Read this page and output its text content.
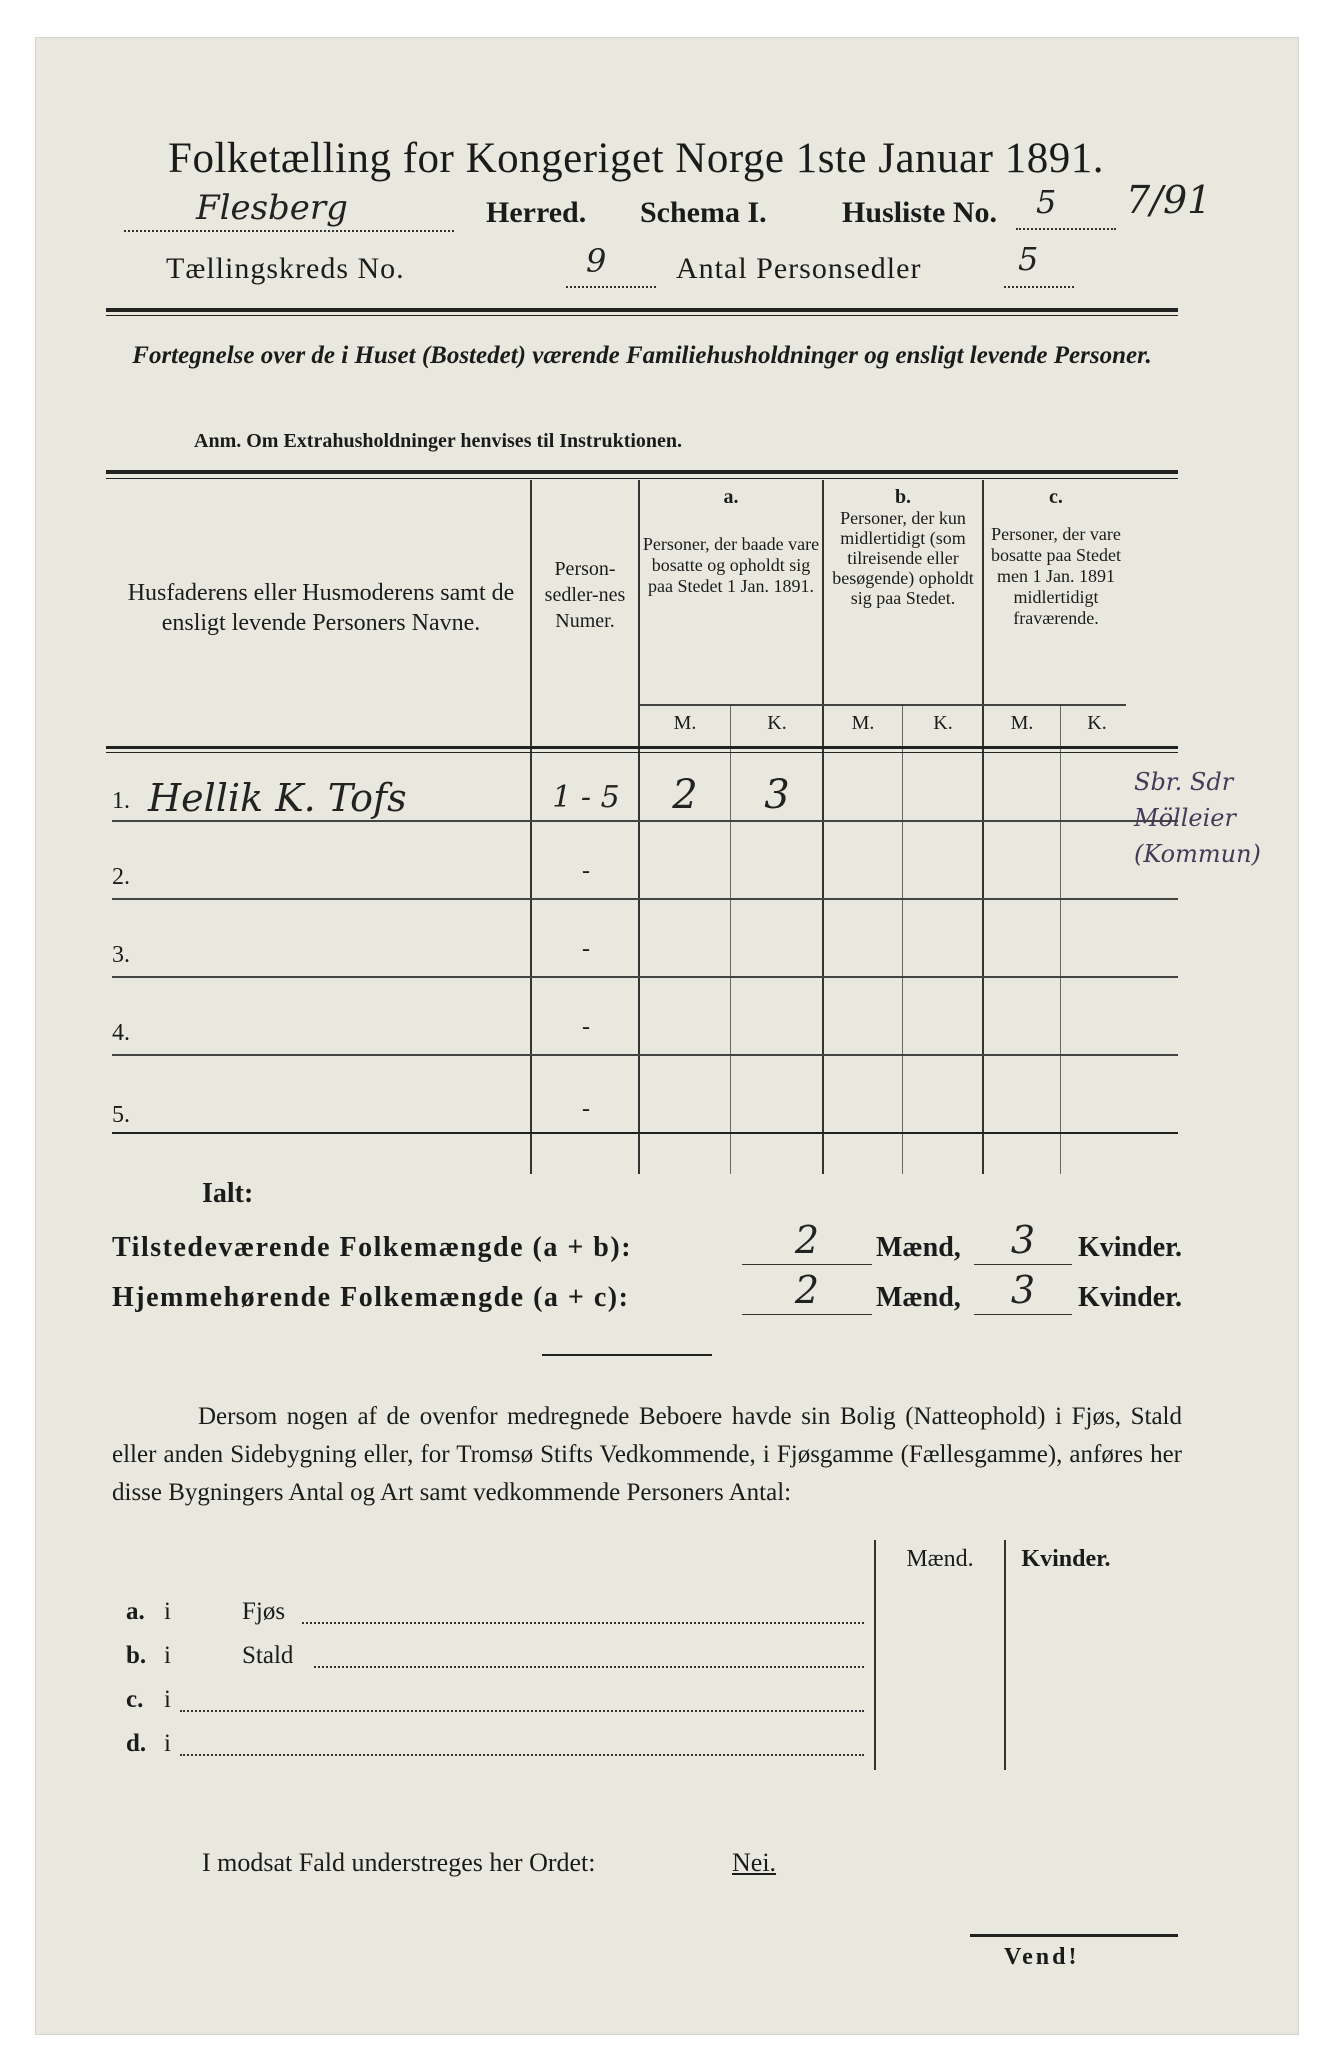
Folketælling for Kongeriget Norge 1ste Januar 1891.
Flesberg	Herred. Schema I.	Husliste No. 5 7/91
Tællingskreds No.	9 Antal Personsedler	5
Fortegnelse over de i Huset (Bostedet) værende Familiehusholdninger og ensligt levende Personer.
Anm. Om Extrahusholdninger henvises til Instruktionen.
Husfaderens eller Husmoderens samt de ensligt levende Personers Navne.
Person-sedler-nes Numer.
a.
Personer, der baade vare bosatte og opholdt sig paa Stedet 1 Jan. 1891.
b.
Personer, der kun midlertidigt (som tilreisende eller besøgende) opholdt sig paa Stedet.
c.
Personer, der vare bosatte paa Stedet men 1 Jan. 1891 midlertidigt fraværende.
M.	K.	M.	K.	M.	K.
1. Hellik K. Tofs	1 - 5	2	3
2.	-
3.	-
4.	-
5.	-
Sbr. Sdr Mölleier (Kommun)
Ialt:
Tilstedeværende Folkemængde (a + b):	2	Mænd,	3	Kvinder.
Hjemmehørende Folkemængde (a + c):	2	Mænd,	3	Kvinder.
Dersom nogen af de ovenfor medregnede Beboere havde sin Bolig (Natteophold) i Fjøs, Stald eller anden Sidebygning eller, for Tromsø Stifts Vedkommende, i Fjøsgamme (Fællesgamme), anføres her disse Bygningers Antal og Art samt vedkommende Personers Antal:
Mænd.	Kvinder.
a. i	Fjøs
b. i	Stald
c. i
d. i
I modsat Fald understreges her Ordet:	Nei.
Vend!
